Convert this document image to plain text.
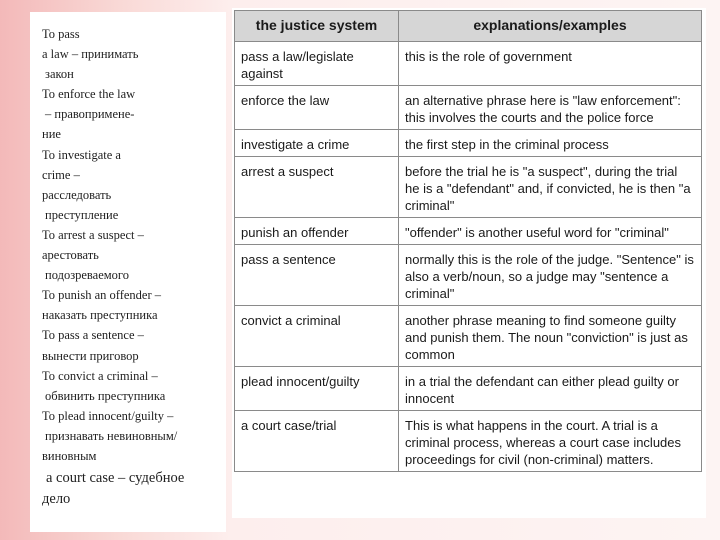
To pass
a law – принимать
закон
To enforce the law
– правопримене-
ние
To investigate a
crime –
расследовать
преступление
To arrest a suspect –
арестовать
подозреваемого
To punish an offender –
наказать преступника
To pass a sentence –
вынести приговор
To convict a criminal –
обвинить преступника
To plead innocent/guilty –
признавать невиновным/
виновным
a court case – судебное
дело
the justice system	explanations/examples
pass a law/legislate against	this is the role of government
enforce the law	an alternative phrase here is "law enforcement": this involves the courts and the police force
investigate a crime	the first step in the criminal process
arrest a suspect	before the trial he is "a suspect", during the trial he is a "defendant" and, if convicted, he is then "a criminal"
punish an offender	"offender" is another useful word for "criminal"
pass a sentence	normally this is the role of the judge. "Sentence" is also a verb/noun, so a judge may "sentence a criminal"
convict a criminal	another phrase meaning to find someone guilty and punish them. The noun "conviction" is just as common
plead innocent/guilty	in a trial the defendant can either plead guilty or innocent
a court case/trial	This is what happens in the court. A trial is a criminal process, whereas a court case includes proceedings for civil (non-criminal) matters.
